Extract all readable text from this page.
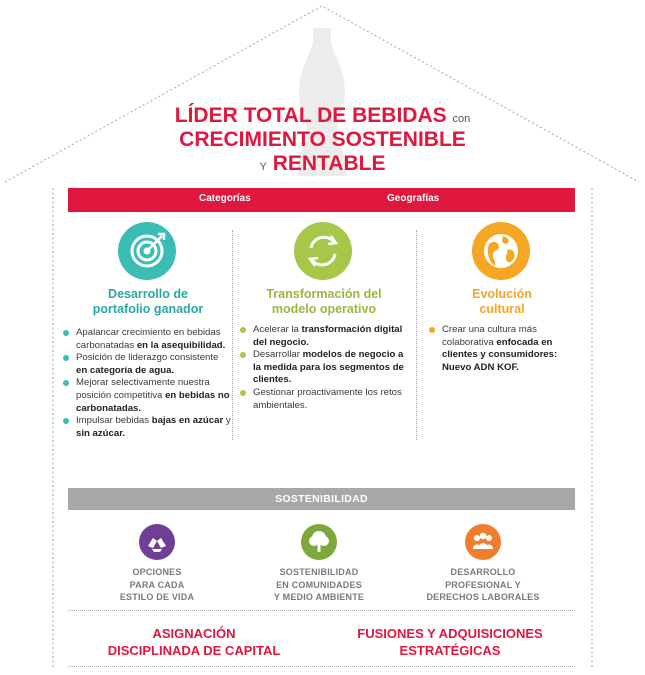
LÍDER TOTAL DE BEBIDAS con
CRECIMIENTO SOSTENIBLE
Y RENTABLE
Categorías	Geografías
Desarrollo de
portafolio ganador
Apalancar crecimiento en bebidas carbonatadas en la asequibilidad.
Posición de liderazgo consistente en categoría de agua.
Mejorar selectivamente nuestra posición competitiva en bebidas no carbonatadas.
Impulsar bebidas bajas en azúcar y sin azúcar.
Transformación del
modelo operativo
Acelerar la transformación digital del negocio.
Desarrollar modelos de negocio a la medida para los segmentos de clientes.
Gestionar proactivamente los retos ambientales.
Evolución
cultural
Crear una cultura más colaborativa enfocada en clientes y consumidores: Nuevo ADN KOF.
SOSTENIBILIDAD
OPCIONES
PARA CADA
ESTILO DE VIDA
SOSTENIBILIDAD
EN COMUNIDADES
Y MEDIO AMBIENTE
DESARROLLO
PROFESIONAL Y
DERECHOS LABORALES
ASIGNACIÓN
DISCIPLINADA DE CAPITAL
FUSIONES Y ADQUISICIONES
ESTRATÉGICAS
